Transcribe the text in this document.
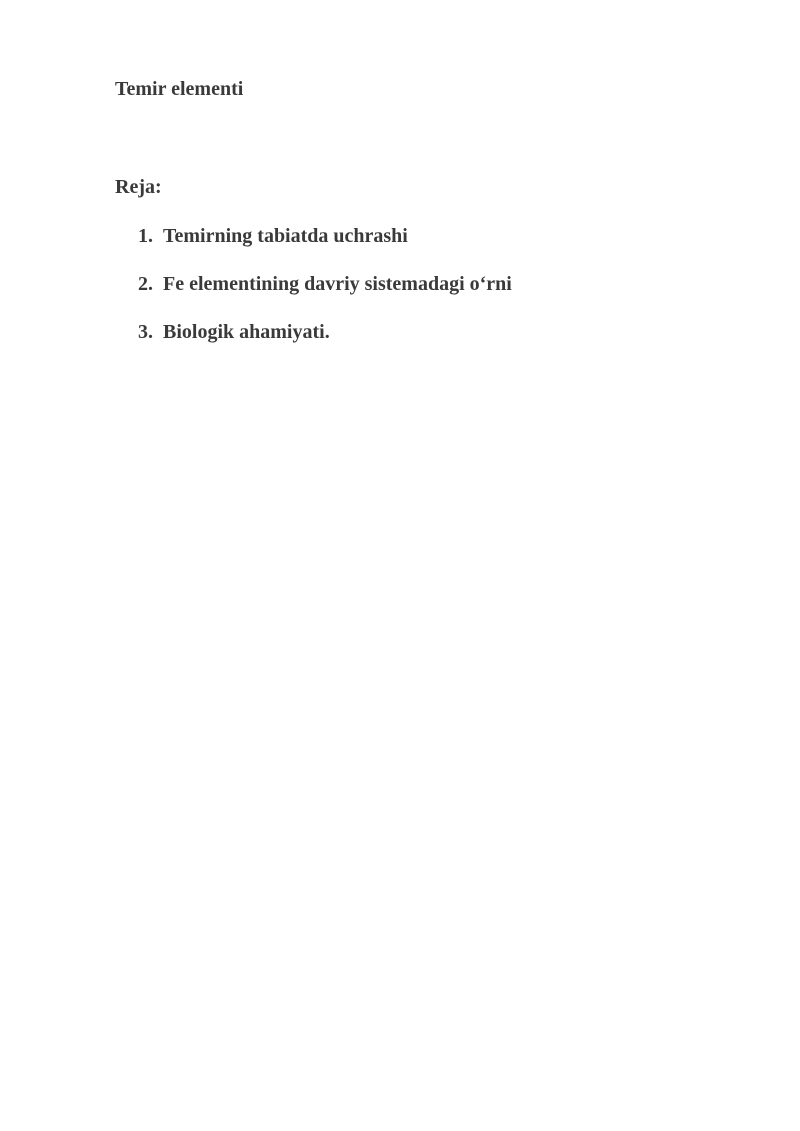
Temir elementi

Reja:

1. Temirning tabiatda uchrashi
2. Fe elementining davriy sistemadagi o‘rni
3. Biologik ahamiyati.
